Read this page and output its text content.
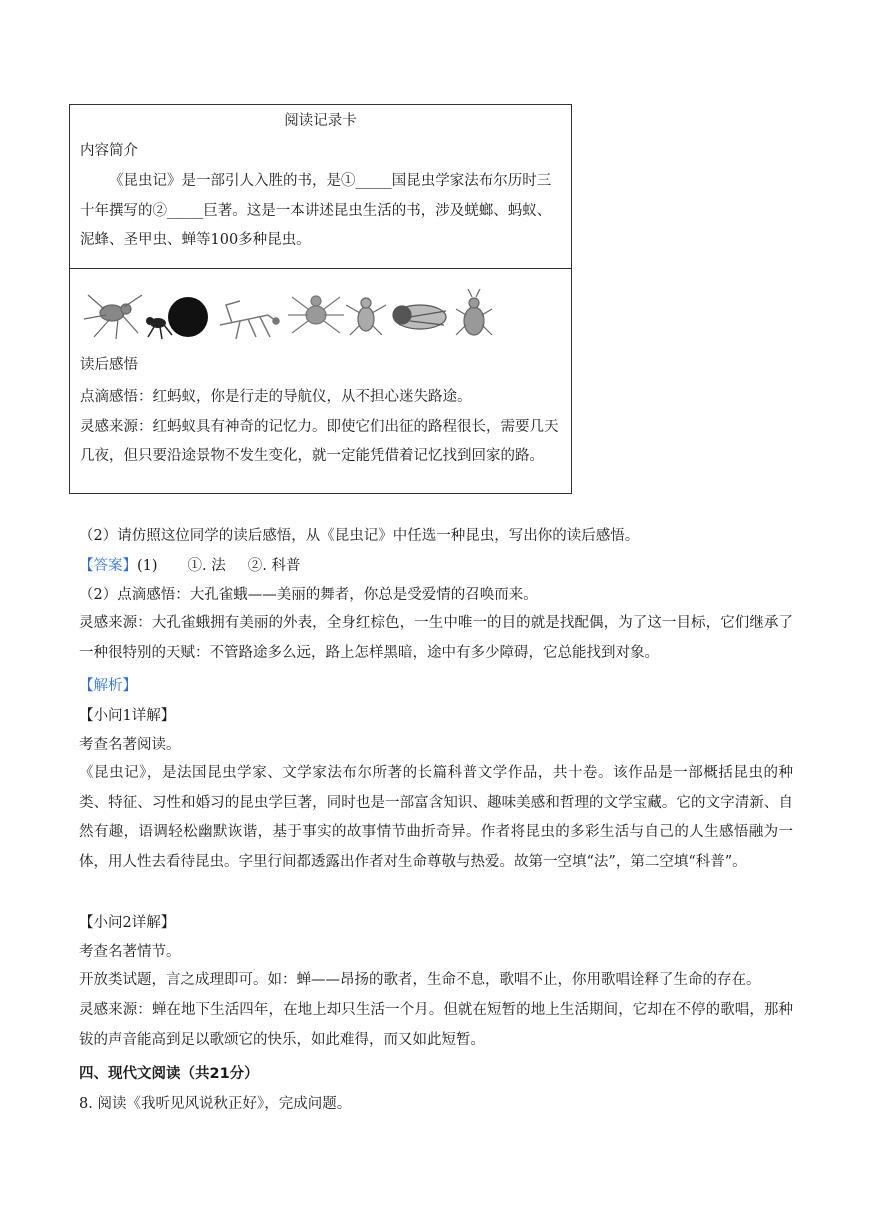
阅读记录卡
内容简介
《昆虫记》是一部引人入胜的书，是①_____国昆虫学家法布尔历时三十年撰写的②_____巨著。这是一本讲述昆虫生活的书，涉及蜣螂、蚂蚁、泥蜂、圣甲虫、蝉等100多种昆虫。
读后感悟
点滴感悟：红蚂蚁，你是行走的导航仪，从不担心迷失路途。
灵感来源：红蚂蚁具有神奇的记忆力。即使它们出征的路程很长，需要几天几夜，但只要沿途景物不发生变化，就一定能凭借着记忆找到回家的路。
（2）请仿照这位同学的读后感悟，从《昆虫记》中任选一种昆虫，写出你的读后感悟。
【答案】(1) ①. 法 ②. 科普
（2）点滴感悟：大孔雀蛾——美丽的舞者，你总是受爱情的召唤而来。
灵感来源：大孔雀蛾拥有美丽的外表，全身红棕色，一生中唯一的目的就是找配偶，为了这一目标，它们继承了一种很特别的天赋：不管路途多么远，路上怎样黑暗，途中有多少障碍，它总能找到对象。
【解析】
【小问1详解】
考查名著阅读。
《昆虫记》，是法国昆虫学家、文学家法布尔所著的长篇科普文学作品，共十卷。该作品是一部概括昆虫的种类、特征、习性和婚习的昆虫学巨著，同时也是一部富含知识、趣味美感和哲理的文学宝藏。它的文字清新、自然有趣，语调轻松幽默诙谐，基于事实的故事情节曲折奇异。作者将昆虫的多彩生活与自己的人生感悟融为一体，用人性去看待昆虫。字里行间都透露出作者对生命尊敬与热爱。故第一空填“法”，第二空填“科普”。
【小问2详解】
考查名著情节。
开放类试题，言之成理即可。如：蝉——昂扬的歌者，生命不息，歌唱不止，你用歌唱诠释了生命的存在。
灵感来源：蝉在地下生活四年，在地上却只生活一个月。但就在短暂的地上生活期间，它却在不停的歌唱，那种钹的声音能高到足以歌颂它的快乐，如此难得，而又如此短暂。
四、现代文阅读（共21分）
8. 阅读《我听见风说秋正好》，完成问题。
